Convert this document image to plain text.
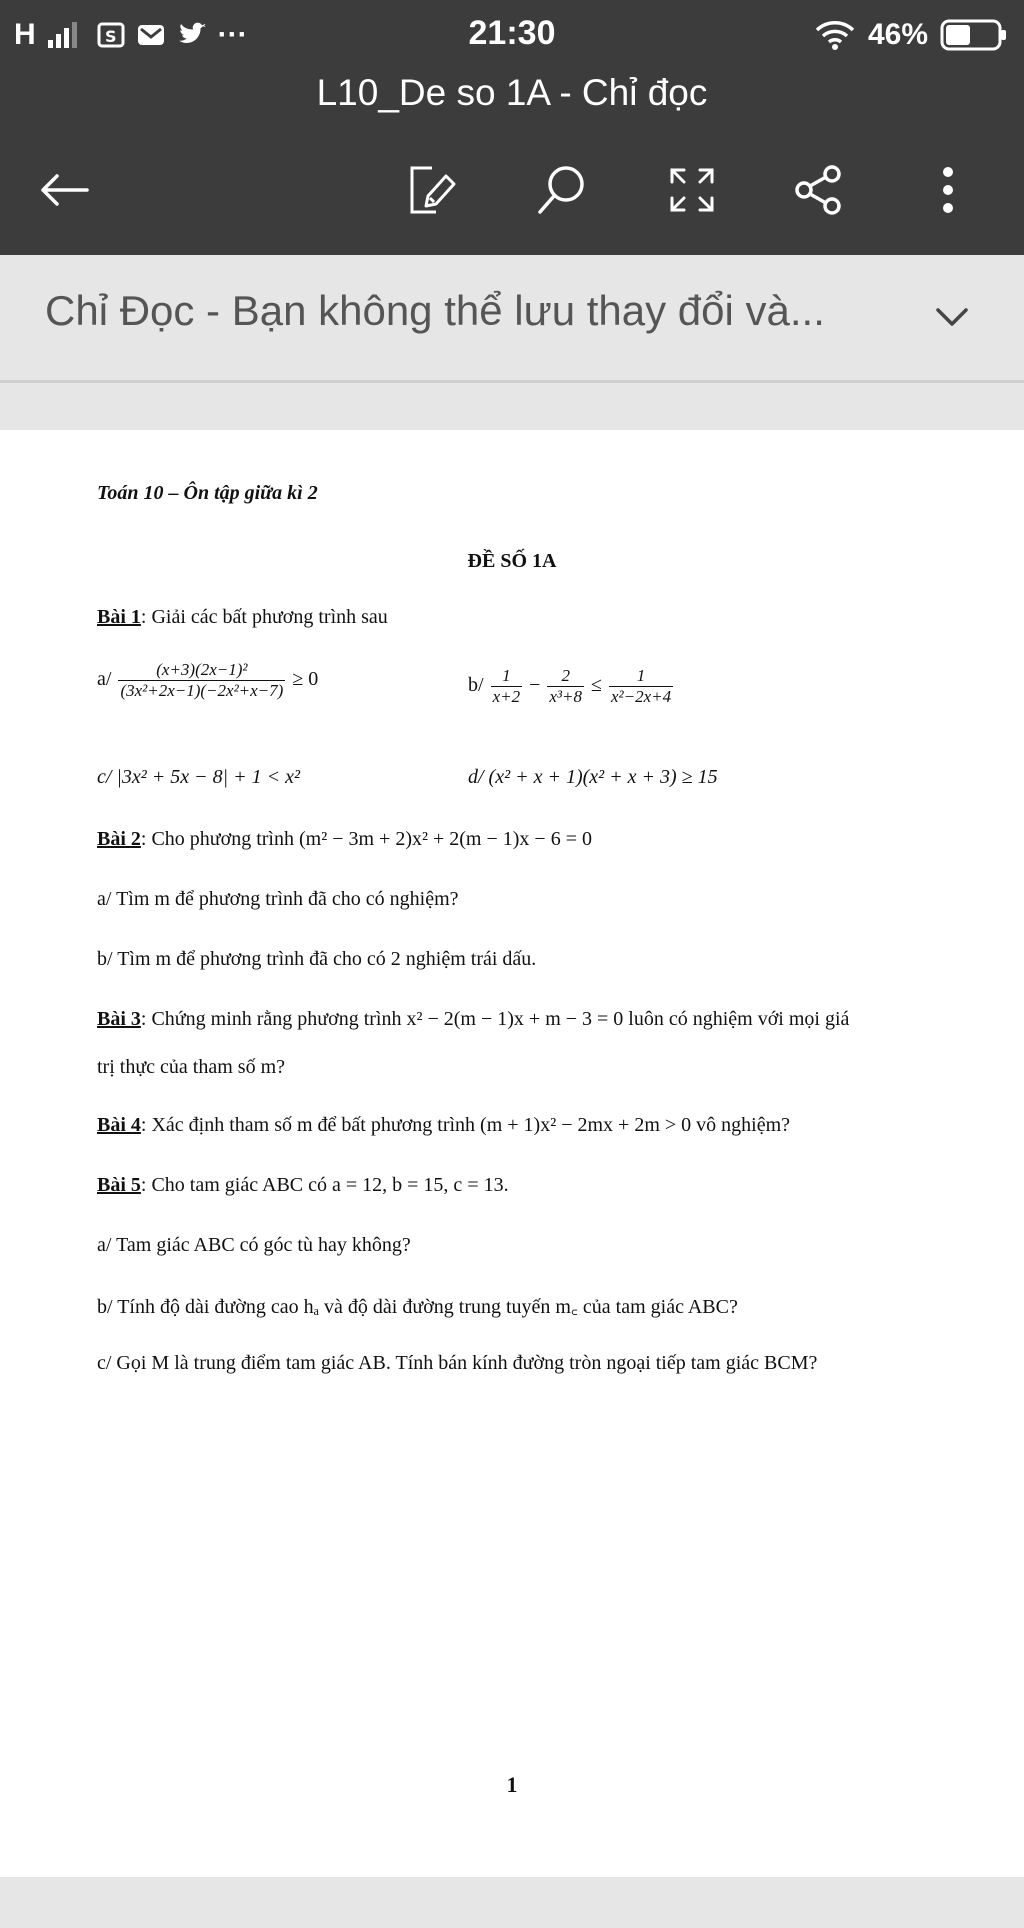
H	S	···	21:30	46%
L10_De so 1A - Chỉ đọc
Chỉ Đọc - Bạn không thể lưu thay đổi và...
Toán 10 – Ôn tập giữa kì 2
ĐỀ SỐ 1A
Bài 1: Giải các bất phương trình sau
$a/ \frac{\text{(x+3)(2x−1)²}}{\text{(3x²+2x−1)(−2x²+x−7)}} \ge 0$	$b/ \frac{1}{x+2} - \frac{2}{\text{x³+8}} \le \frac{1}{\text{x²−2x+4}}$
c/ |3x² + 5x − 8| + 1 < x²	d/ (x² + x + 1)(x² + x + 3) ≥ 15
Bài 2: Cho phương trình (m² − 3m + 2)x² + 2(m − 1)x − 6 = 0
a/ Tìm m để phương trình đã cho có nghiệm?
b/ Tìm m để phương trình đã cho có 2 nghiệm trái dấu.
Bài 3: Chứng minh rằng phương trình x² − 2(m − 1)x + m − 3 = 0 luôn có nghiệm với mọi giá
trị thực của tham số m?
Bài 4: Xác định tham số m để bất phương trình (m + 1)x² − 2mx + 2m > 0 vô nghiệm?
Bài 5: Cho tam giác ABC có a = 12, b = 15, c = 13.
a/ Tam giác ABC có góc tù hay không?
b/ Tính độ dài đường cao hₐ và độ dài đường trung tuyến m꜀ của tam giác ABC?
c/ Gọi M là trung điểm tam giác AB. Tính bán kính đường tròn ngoại tiếp tam giác BCM?
1
